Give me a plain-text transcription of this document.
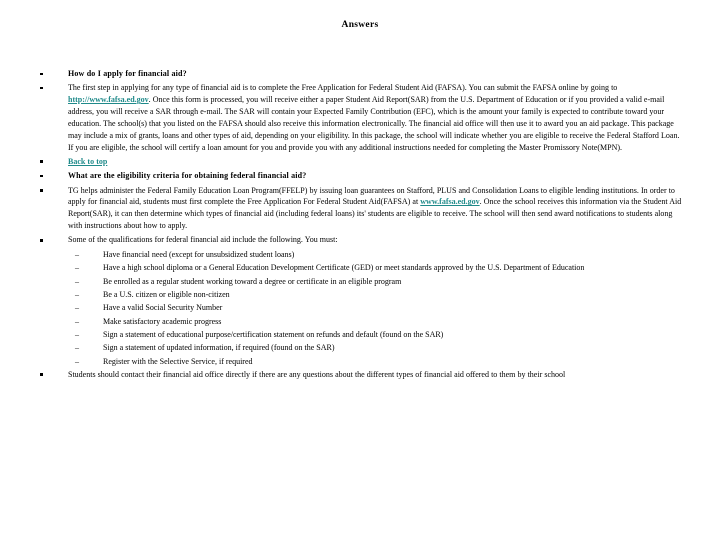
Answers
How do I apply for financial aid?
The first step in applying for any type of financial aid is to complete the Free Application for Federal Student Aid (FAFSA). You can submit the FAFSA online by going to http://www.fafsa.ed.gov. Once this form is processed, you will receive either a paper Student Aid Report(SAR) from the U.S. Department of Education or if you provided a valid e-mail address, you will receive a SAR through e-mail. The SAR will contain your Expected Family Contribution (EFC), which is the amount your family is expected to contribute toward your education. The school(s) that you listed on the FAFSA should also receive this information electronically. The financial aid office will then use it to award you an aid package. This package may include a mix of grants, loans and other types of aid, depending on your eligibility. In this package, the school will indicate whether you are eligible to receive the Federal Stafford Loan. If you are eligible, the school will certify a loan amount for you and provide you with any additional instructions needed for completing the Master Promissory Note(MPN).
Back to top
What are the eligibility criteria for obtaining federal financial aid?
TG helps administer the Federal Family Education Loan Program(FFELP) by issuing loan guarantees on Stafford, PLUS and Consolidation Loans to eligible lending institutions. In order to apply for financial aid, students must first complete the Free Application For Federal Student Aid(FAFSA) at www.fafsa.ed.gov. Once the school receives this information via the Student Aid Report(SAR), it can then determine which types of financial aid (including federal loans) its' students are eligible to receive. The school will then send award notifications to students along with instructions about how to apply.
Some of the qualifications for federal financial aid include the following. You must:
–	Have financial need (except for unsubsidized student loans)
–	Have a high school diploma or a General Education Development Certificate (GED) or meet standards approved by the U.S. Department of Education
–	Be enrolled as a regular student working toward a degree or certificate in an eligible program
–	Be a U.S. citizen or eligible non-citizen
–	Have a valid Social Security Number
–	Make satisfactory academic progress
–	Sign a statement of educational purpose/certification statement on refunds and default (found on the SAR)
–	Sign a statement of updated information, if required (found on the SAR)
–	Register with the Selective Service, if required
Students should contact their financial aid office directly if there are any questions about the different types of financial aid offered to them by their school
